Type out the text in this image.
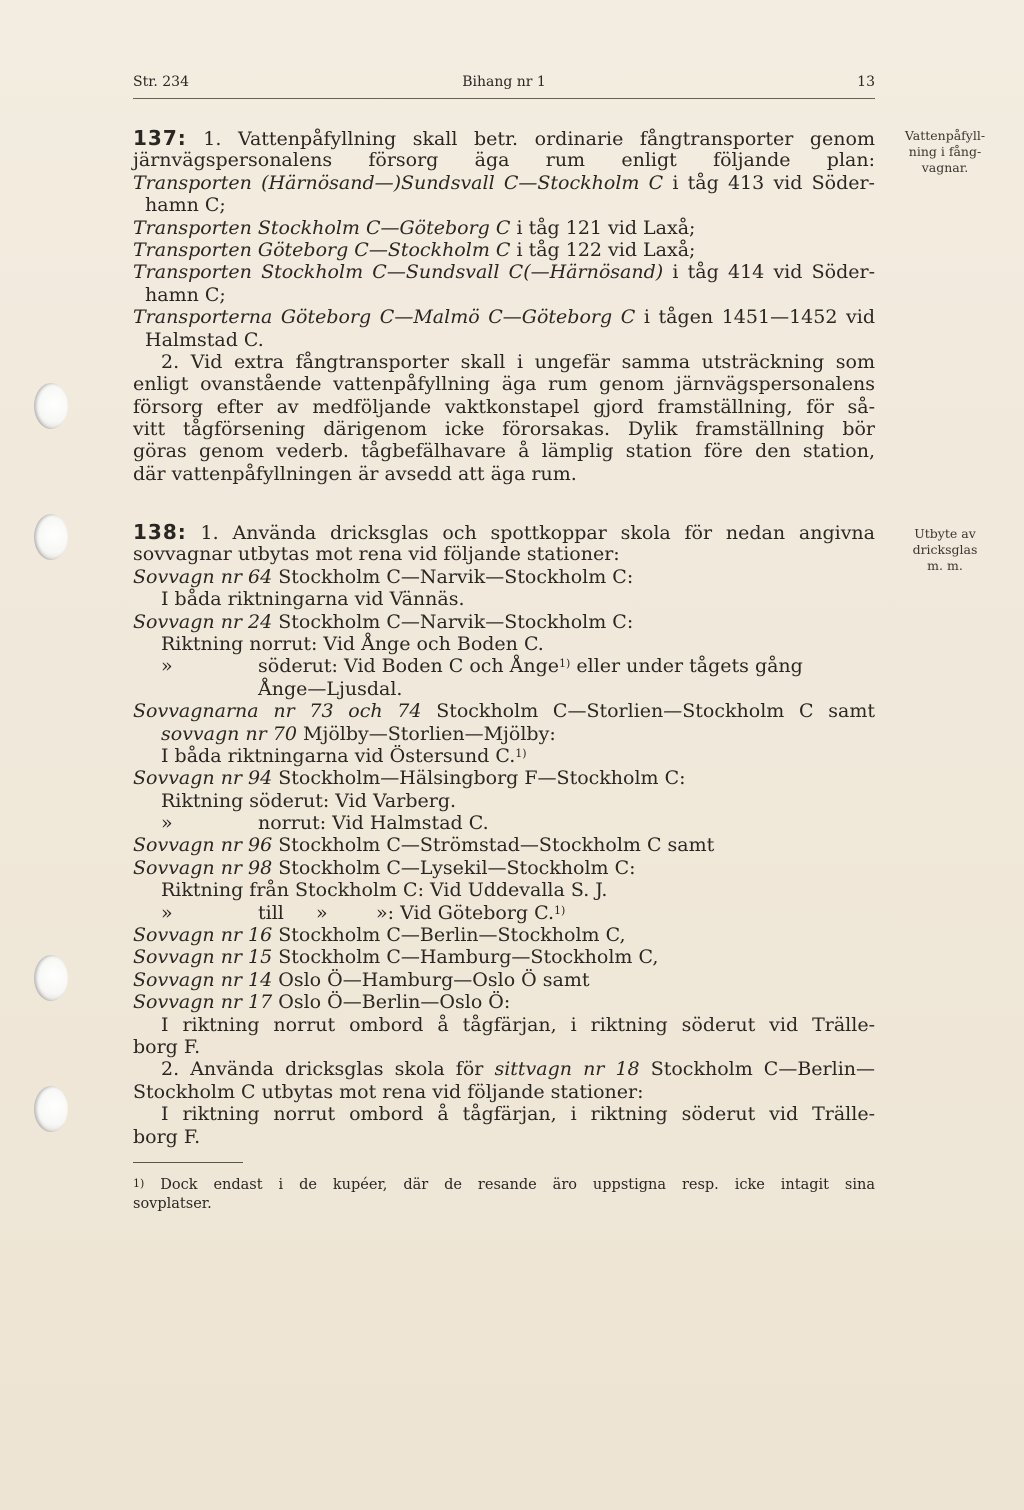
Str. 234	Bihang nr 1	13
Vattenpåfyll-
ning i fång-
vagnar.
Utbyte av
dricksglas
m. m.
137: 1. Vattenpåfyllning skall betr. ordinarie fångtransporter genom
järnvägspersonalens försorg äga rum enligt följande plan:
Transporten (Härnösand—)Sundsvall C—Stockholm C i tåg 413 vid Söder-
hamn C;
Transporten Stockholm C—Göteborg C i tåg 121 vid Laxå;
Transporten Göteborg C—Stockholm C i tåg 122 vid Laxå;
Transporten Stockholm C—Sundsvall C(—Härnösand) i tåg 414 vid Söder-
hamn C;
Transporterna Göteborg C—Malmö C—Göteborg C i tågen 1451—1452 vid
Halmstad C.
2. Vid extra fångtransporter skall i ungefär samma utsträckning som
enligt ovanstående vattenpåfyllning äga rum genom järnvägspersonalens
försorg efter av medföljande vaktkonstapel gjord framställning, för så-
vitt tågförsening därigenom icke förorsakas. Dylik framställning bör
göras genom vederb. tågbefälhavare å lämplig station före den station,
där vattenpåfyllningen är avsedd att äga rum.
138: 1. Använda dricksglas och spottkoppar skola för nedan angivna
sovvagnar utbytas mot rena vid följande stationer:
Sovvagn nr 64 Stockholm C—Narvik—Stockholm C:
I båda riktningarna vid Vännäs.
Sovvagn nr 24 Stockholm C—Narvik—Stockholm C:
Riktning norrut: Vid Ånge och Boden C.
»	söderut: Vid Boden C och Ånge$^{1)}$ eller under tågets gång
Ånge—Ljusdal.
Sovvagnarna nr 73 och 74 Stockholm C—Storlien—Stockholm C samt
sovvagn nr 70 Mjölby—Storlien—Mjölby:
I båda riktningarna vid Östersund C.$^{1)}$
Sovvagn nr 94 Stockholm—Hälsingborg F—Stockholm C:
Riktning söderut: Vid Varberg.
»	norrut: Vid Halmstad C.
Sovvagn nr 96 Stockholm C—Strömstad—Stockholm C samt
Sovvagn nr 98 Stockholm C—Lysekil—Stockholm C:
Riktning från Stockholm C: Vid Uddevalla S. J.
»	till »	»: Vid Göteborg C.$^{1)}$
Sovvagn nr 16 Stockholm C—Berlin—Stockholm C,
Sovvagn nr 15 Stockholm C—Hamburg—Stockholm C,
Sovvagn nr 14 Oslo Ö—Hamburg—Oslo Ö samt
Sovvagn nr 17 Oslo Ö—Berlin—Oslo Ö:
I riktning norrut ombord å tågfärjan, i riktning söderut vid Trälle-
borg F.
2. Använda dricksglas skola för sittvagn nr 18 Stockholm C—Berlin—
Stockholm C utbytas mot rena vid följande stationer:
I riktning norrut ombord å tågfärjan, i riktning söderut vid Trälle-
borg F.
$^{1)}$ Dock endast i de kupéer, där de resande äro uppstigna resp. icke intagit sina
sovplatser.
